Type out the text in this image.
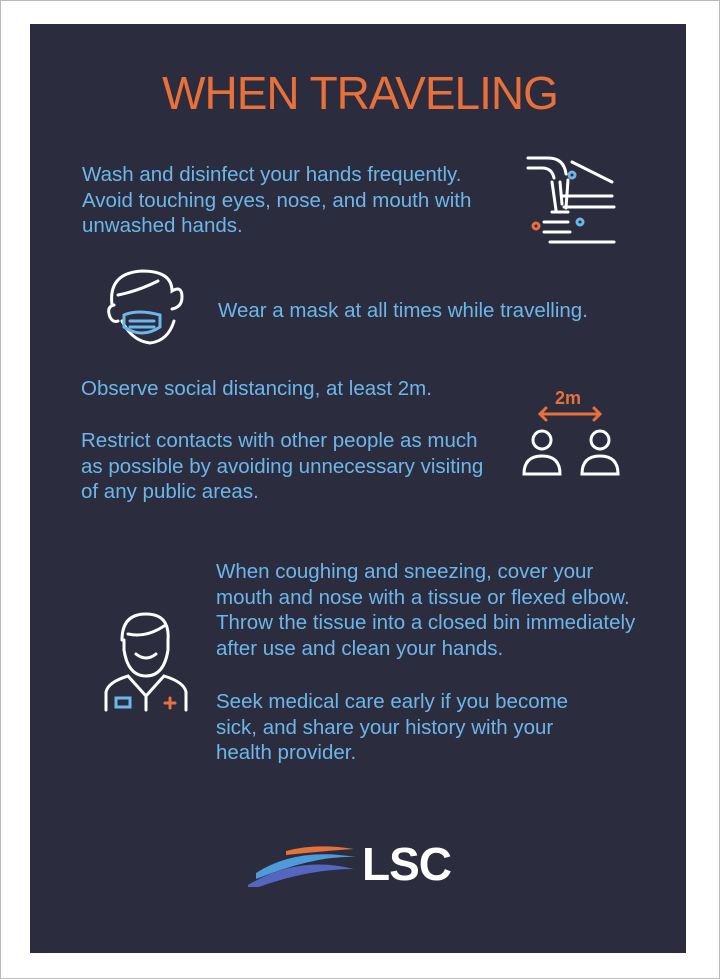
WHEN TRAVELING
Wash and disinfect your hands frequently. Avoid touching eyes, nose, and mouth with unwashed hands.
Wear a mask at all times while travelling.
Observe social distancing, at least 2m.
Restrict contacts with other people as much as possible by avoiding unnecessary visiting of any public areas.
2m
When coughing and sneezing, cover your mouth and nose with a tissue or flexed elbow. Throw the tissue into a closed bin immediately after use and clean your hands.
Seek medical care early if you become sick, and share your history with your health provider.
LSC
